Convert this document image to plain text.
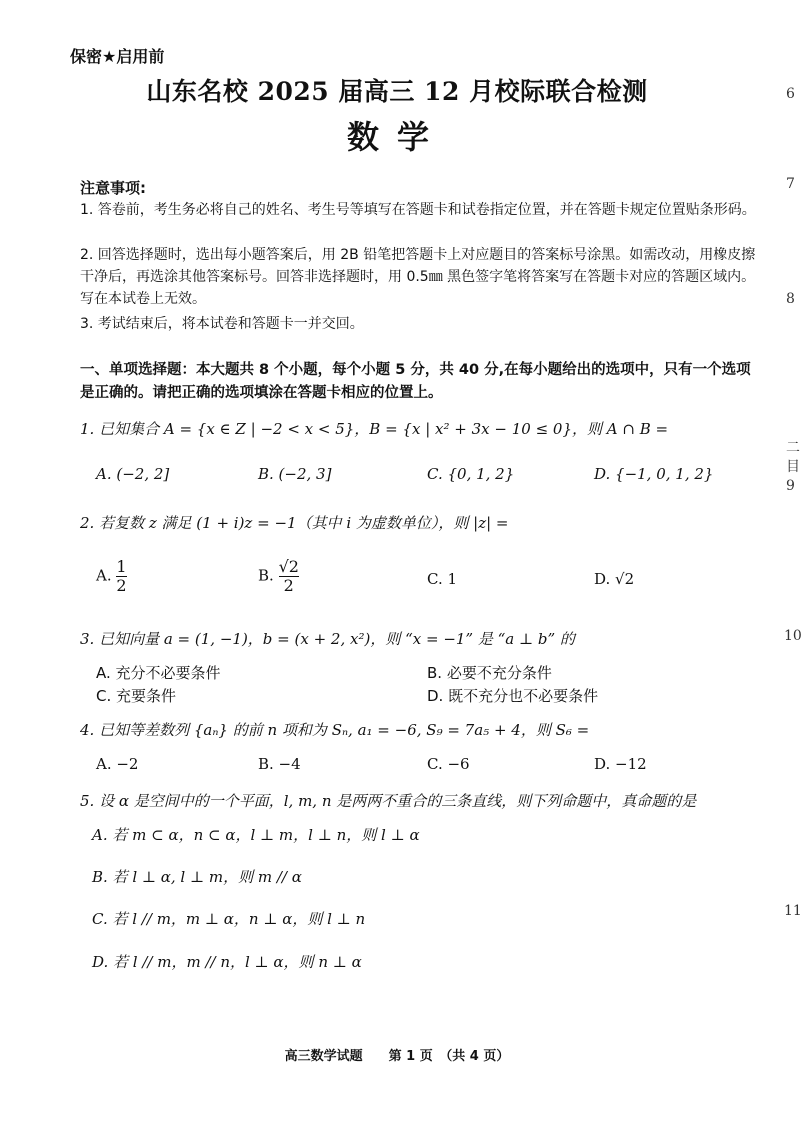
保密★启用前
山东名校 2025 届高三 12 月校际联合检测
数学
注意事项:
1. 答卷前，考生务必将自己的姓名、考生号等填写在答题卡和试卷指定位置，并在答题卡规定位置贴条形码。
2. 回答选择题时，选出每小题答案后，用 2B 铅笔把答题卡上对应题目的答案标号涂黑。如需改动，用橡皮擦干净后，再选涂其他答案标号。回答非选择题时，用 0.5㎜ 黑色签字笔将答案写在答题卡对应的答题区域内。写在本试卷上无效。
3. 考试结束后，将本试卷和答题卡一并交回。
一、单项选择题：本大题共 8 个小题，每个小题 5 分，共 40 分,在每小题给出的选项中，只有一个选项是正确的。请把正确的选项填涂在答题卡相应的位置上。
1. 已知集合 A = {x ∈ Z | −2 < x < 5}，B = {x | x² + 3x − 10 ≤ 0}，则 A ∩ B =
A. (−2, 2]	B. (−2, 3]	C. {0, 1, 2}	D. {−1, 0, 1, 2}
2. 若复数 z 满足 (1 + i)z = −1（其中 i 为虚数单位），则 |z| =
A. $\frac{1}{2}$	B. $\frac{√2}{2}$	C. 1	D. √2
3. 已知向量 a = (1, −1)，b = (x + 2, x²)，则 “x = −1” 是 “a ⊥ b” 的
A. 充分不必要条件	B. 必要不充分条件
C. 充要条件	D. 既不充分也不必要条件
4. 已知等差数列 {aₙ} 的前 n 项和为 Sₙ, a₁ = −6, S₉ = 7a₅ + 4，则 S₆ =
A. −2	B. −4	C. −6	D. −12
5. 设 α 是空间中的一个平面，l, m, n 是两两不重合的三条直线，则下列命题中，真命题的是
A. 若 m ⊂ α，n ⊂ α，l ⊥ m，l ⊥ n，则 l ⊥ α
B. 若 l ⊥ α, l ⊥ m，则 m // α
C. 若 l // m，m ⊥ α，n ⊥ α，则 l ⊥ n
D. 若 l // m，m // n，l ⊥ α，则 n ⊥ α
高三数学试题　　第 1 页　（共 4 页）
6
7
8
二
目
9
10
11
